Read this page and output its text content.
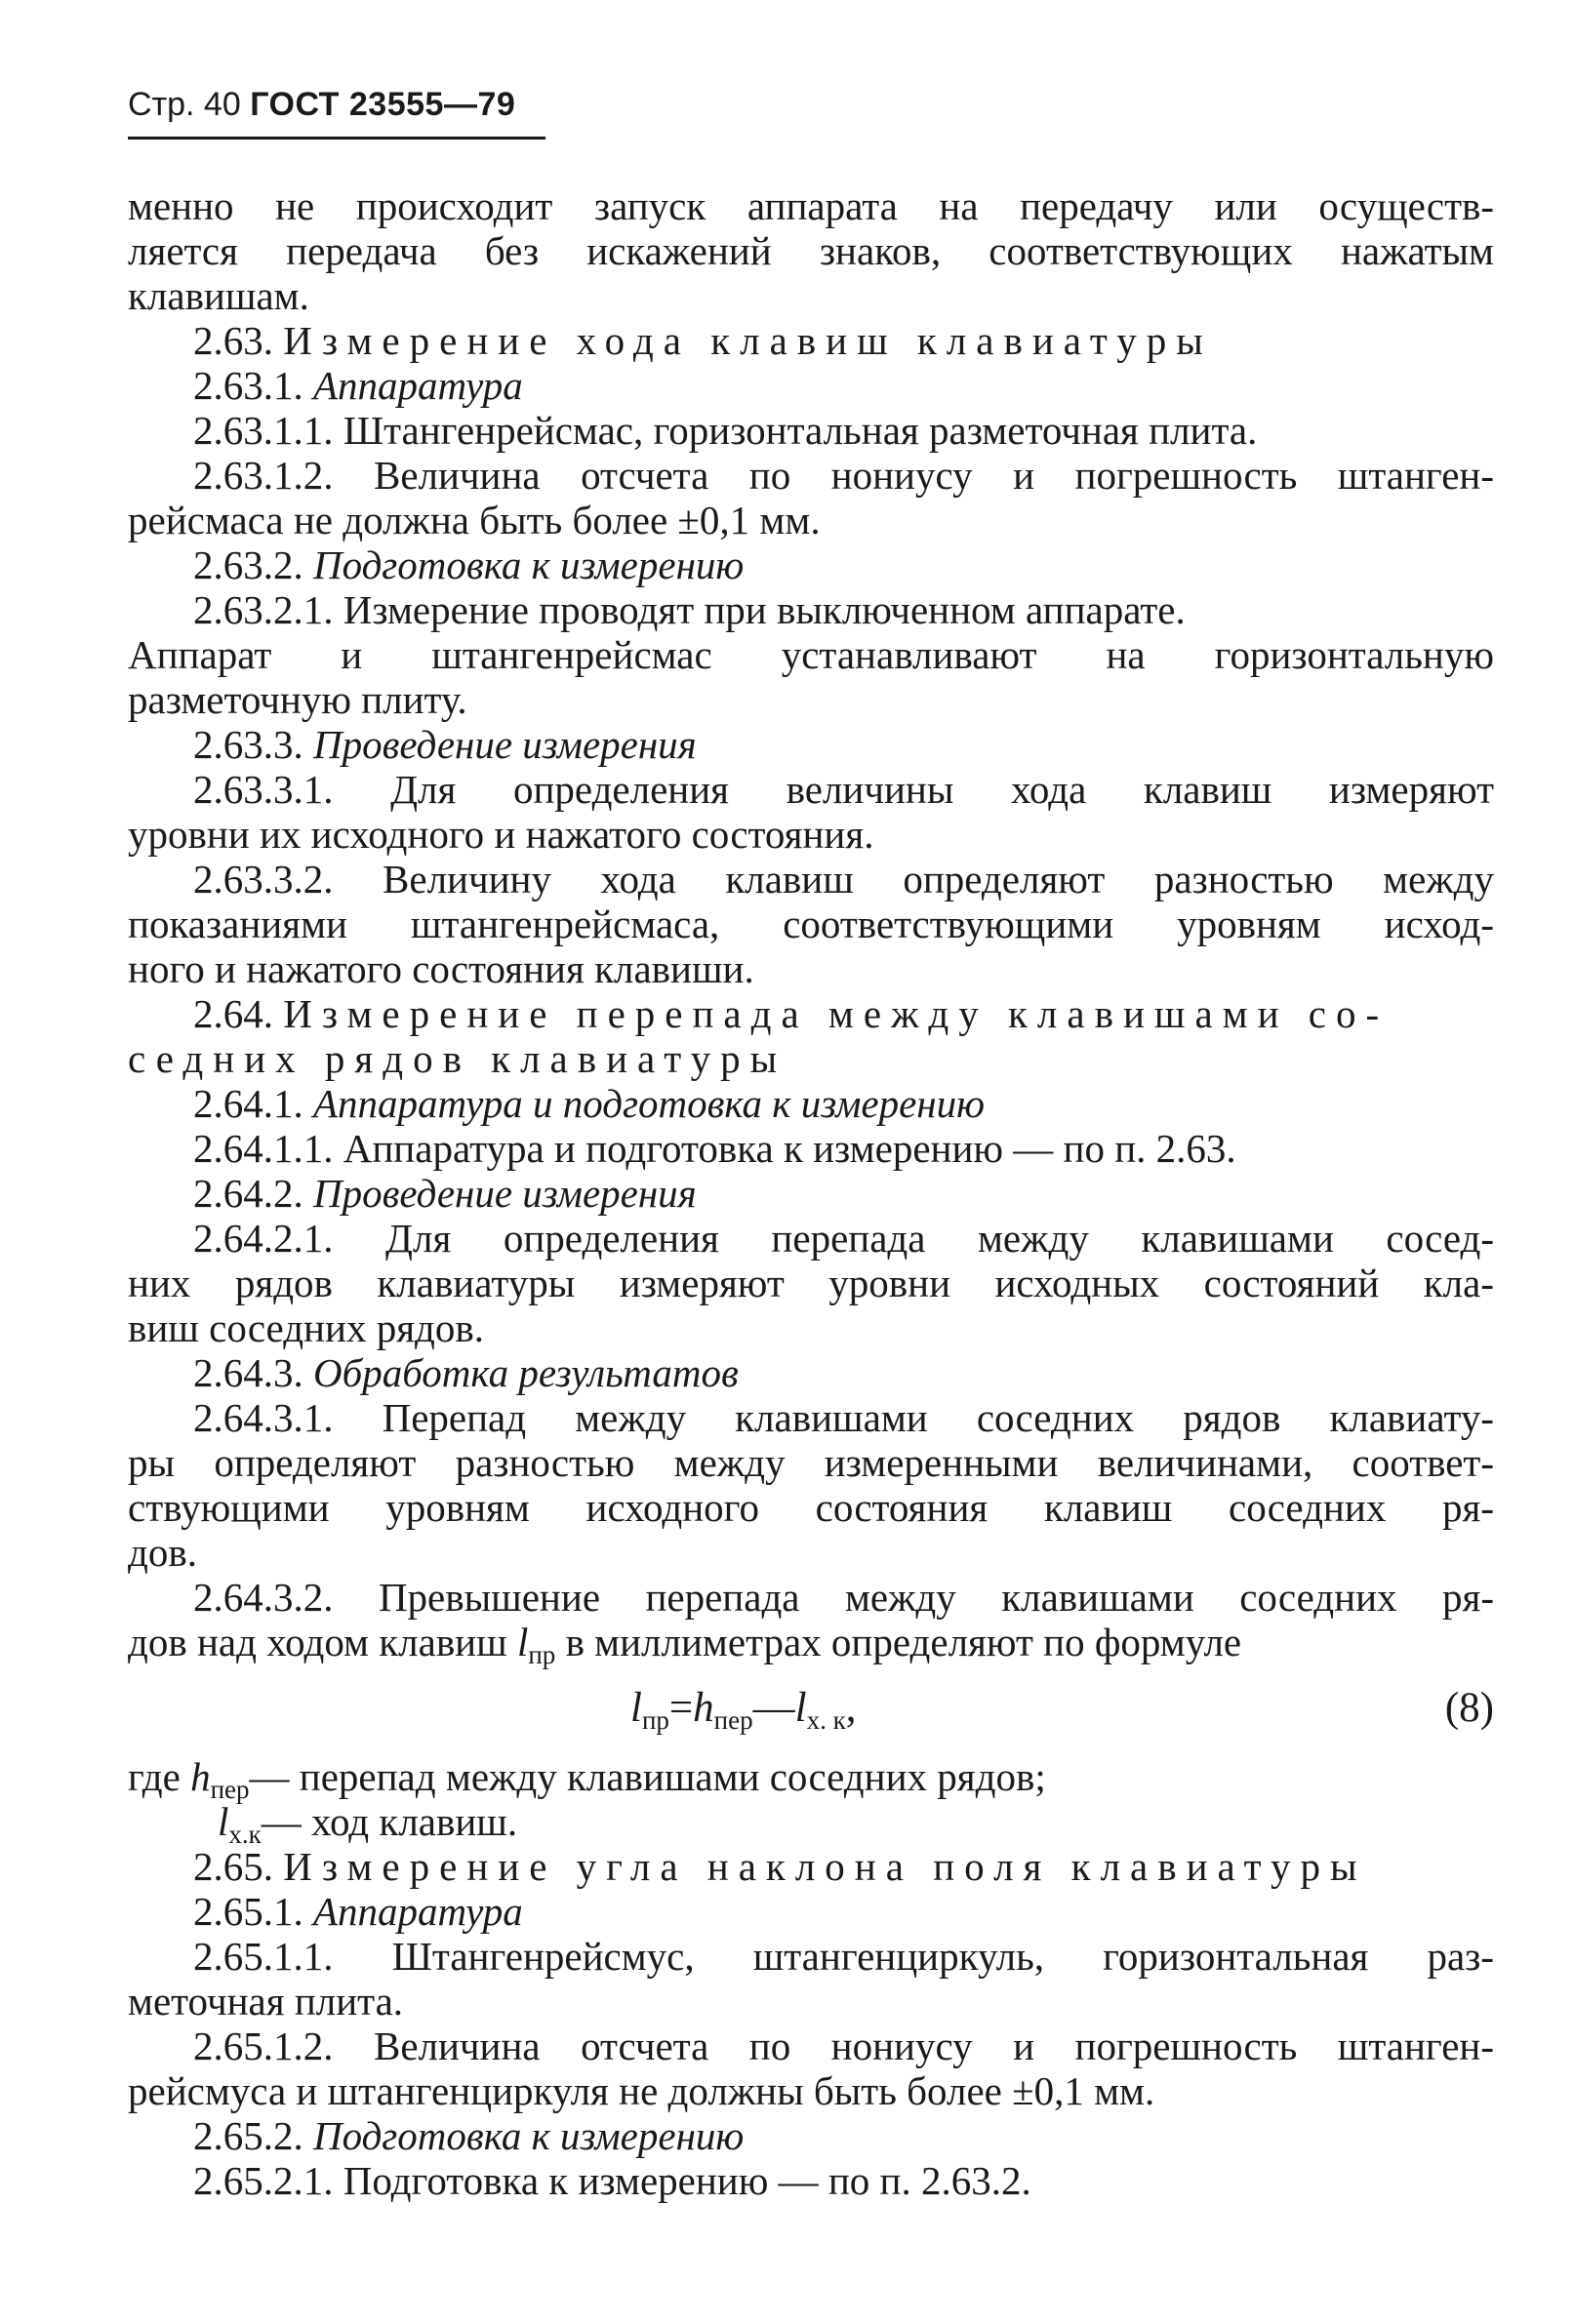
Стр. 40 ГОСТ 23555—79
менно не происходит запуск аппарата на передачу или осуществ-
ляется передача без искажений знаков, соответствующих нажатым
клавишам.
2.63. Измерение хода клавиш клавиатуры
2.63.1. Аппаратура
2.63.1.1. Штангенрейсмас, горизонтальная разметочная плита.
2.63.1.2. Величина отсчета по нониусу и погрешность штанген-
рейсмаса не должна быть более ±0,1 мм.
2.63.2. Подготовка к измерению
2.63.2.1. Измерение проводят при выключенном аппарате.
Аппарат и штангенрейсмас устанавливают на горизонтальную
разметочную плиту.
2.63.3. Проведение измерения
2.63.3.1. Для определения величины хода клавиш измеряют
уровни их исходного и нажатого состояния.
2.63.3.2. Величину хода клавиш определяют разностью между
показаниями штангенрейсмаса, соответствующими уровням исход-
ного и нажатого состояния клавиши.
2.64. Измерение перепада между клавишами со-
седних рядов клавиатуры
2.64.1. Аппаратура и подготовка к измерению
2.64.1.1. Аппаратура и подготовка к измерению — по п. 2.63.
2.64.2. Проведение измерения
2.64.2.1. Для определения перепада между клавишами сосед-
них рядов клавиатуры измеряют уровни исходных состояний кла-
виш соседних рядов.
2.64.3. Обработка результатов
2.64.3.1. Перепад между клавишами соседних рядов клавиату-
ры определяют разностью между измеренными величинами, соответ-
ствующими уровням исходного состояния клавиш соседних ря-
дов.
2.64.3.2. Превышение перепада между клавишами соседних ря-
дов над ходом клавиш $l_{пр}$ в миллиметрах определяют по формуле
$l_{пр}=h_{пер}—l_{х. к}$,	(8)
где $h_{пер}—$ перепад между клавишами соседних рядов;
$l_{х.к}—$ ход клавиш.
2.65. Измерение угла наклона поля клавиатуры
2.65.1. Аппаратура
2.65.1.1. Штангенрейсмус, штангенциркуль, горизонтальная раз-
меточная плита.
2.65.1.2. Величина отсчета по нониусу и погрешность штанген-
рейсмуса и штангенциркуля не должны быть более ±0,1 мм.
2.65.2. Подготовка к измерению
2.65.2.1. Подготовка к измерению — по п. 2.63.2.
